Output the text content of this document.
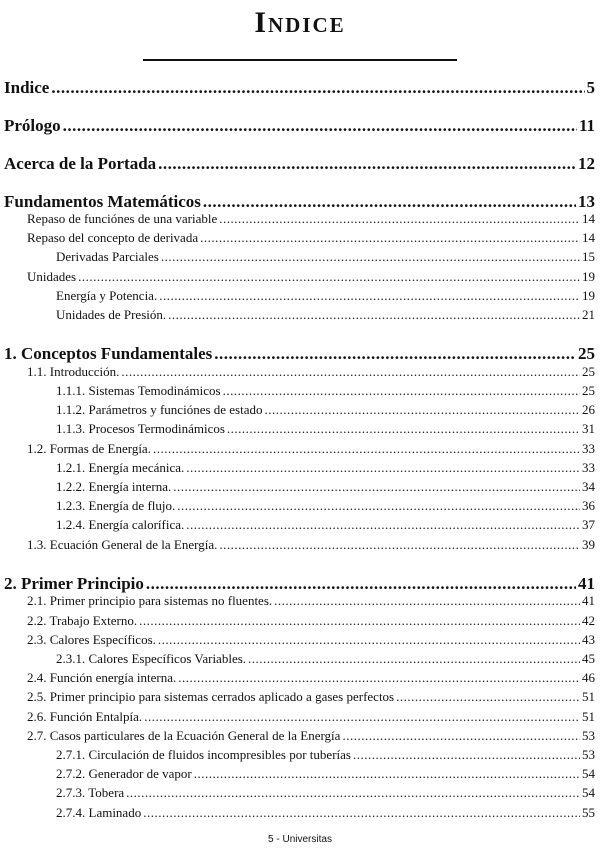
Indice
Indice .....	5
Prólogo .....	11
Acerca de la Portada .....	12
Fundamentos Matemáticos .....	13
Repaso de funciónes de una variable .....	14
Repaso del concepto de derivada .....	14
Derivadas Parciales .....	15
Unidades .....	19
Energía y Potencia. .....	19
Unidades de Presión. .....	21
1. Conceptos Fundamentales .....	25
1.1. Introducción. .....	25
1.1.1. Sistemas Temodinámicos .....	25
1.1.2. Parámetros y funciónes de estado .....	26
1.1.3. Procesos Termodinámicos .....	31
1.2. Formas de Energía. .....	33
1.2.1. Energía mecánica. .....	33
1.2.2. Energía interna. .....	34
1.2.3. Energía de flujo. .....	36
1.2.4. Energía calorífica. .....	37
1.3. Ecuación General de la Energía. .....	39
2. Primer Principio .....	41
2.1. Primer principio para sistemas no fluentes. .....	41
2.2. Trabajo Externo. .....	42
2.3. Calores Específicos. .....	43
2.3.1. Calores Específicos Variables. .....	45
2.4. Función energía interna. .....	46
2.5. Primer principio para sistemas cerrados aplicado a gases perfectos .....	51
2.6. Función Entalpía. .....	51
2.7. Casos particulares de la Ecuación General de la Energía .....	53
2.7.1. Circulación de fluidos incompresibles por tuberías .....	53
2.7.2. Generador de vapor .....	54
2.7.3. Tobera .....	54
2.7.4. Laminado .....	55
5 - Universitas
